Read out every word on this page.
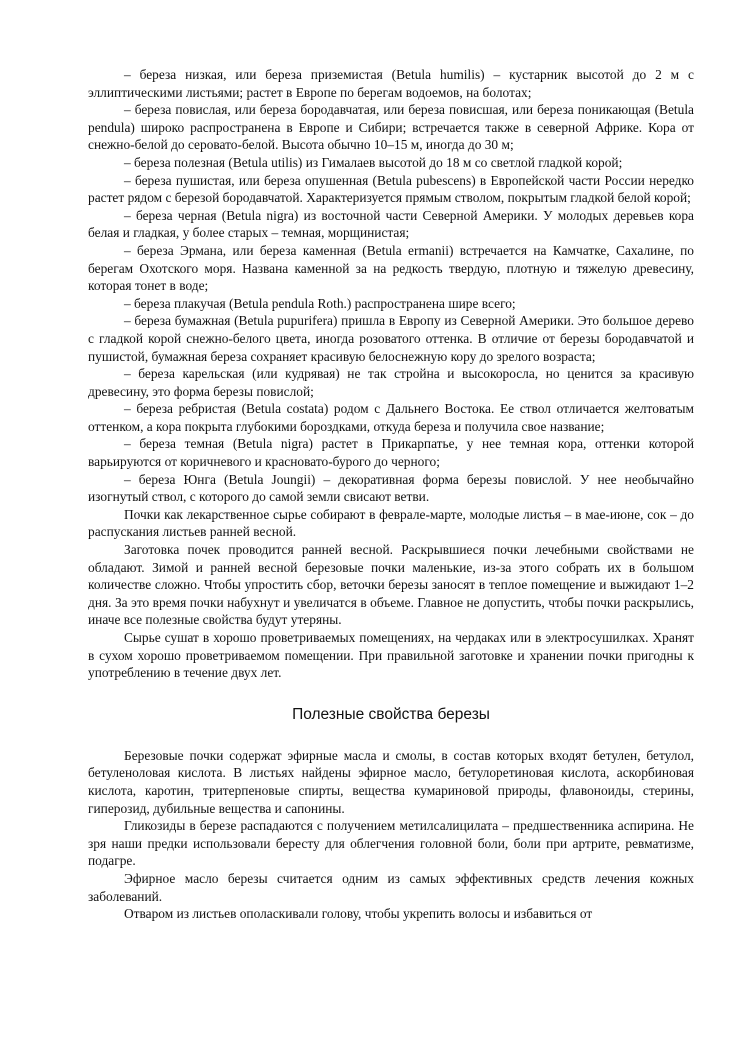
– береза низкая, или береза приземистая (Betula humilis) – кустарник высотой до 2 м с эллиптическими листьями; растет в Европе по берегам водоемов, на болотах;

– береза повислая, или береза бородавчатая, или береза повисшая, или береза поникающая (Betula pendula) широко распространена в Европе и Сибири; встречается также в северной Африке. Кора от снежно-белой до серовато-белой. Высота обычно 10–15 м, иногда до 30 м;

– береза полезная (Betula utilis) из Гималаев высотой до 18 м со светлой гладкой корой;

– береза пушистая, или береза опушенная (Betula pubescens) в Европейской части России нередко растет рядом с березой бородавчатой. Характеризуется прямым стволом, покрытым гладкой белой корой;

– береза черная (Betula nigra) из восточной части Северной Америки. У молодых деревьев кора белая и гладкая, у более старых – темная, морщинистая;

– береза Эрмана, или береза каменная (Betula ermanii) встречается на Камчатке, Сахалине, по берегам Охотского моря. Названа каменной за на редкость твердую, плотную и тяжелую древесину, которая тонет в воде;

– береза плакучая (Betula pendula Roth.) распространена шире всего;

– береза бумажная (Betula pupurifera) пришла в Европу из Северной Америки. Это большое дерево с гладкой корой снежно-белого цвета, иногда розоватого оттенка. В отличие от березы бородавчатой и пушистой, бумажная береза сохраняет красивую белоснежную кору до зрелого возраста;

– береза карельская (или кудрявая) не так стройна и высокоросла, но ценится за красивую древесину, это форма березы повислой;

– береза ребристая (Betula costata) родом с Дальнего Востока. Ее ствол отличается желтоватым оттенком, а кора покрыта глубокими бороздками, откуда береза и получила свое название;

– береза темная (Betula nigra) растет в Прикарпатье, у нее темная кора, оттенки которой варьируются от коричневого и красновато-бурого до черного;

– береза Юнга (Betula Joungii) – декоративная форма березы повислой. У нее необычайно изогнутый ствол, с которого до самой земли свисают ветви.

Почки как лекарственное сырье собирают в феврале-марте, молодые листья – в мае-июне, сок – до распускания листьев ранней весной.

Заготовка почек проводится ранней весной. Раскрывшиеся почки лечебными свойствами не обладают. Зимой и ранней весной березовые почки маленькие, из-за этого собрать их в большом количестве сложно. Чтобы упростить сбор, веточки березы заносят в теплое помещение и выжидают 1–2 дня. За это время почки набухнут и увеличатся в объеме. Главное не допустить, чтобы почки раскрылись, иначе все полезные свойства будут утеряны.

Сырье сушат в хорошо проветриваемых помещениях, на чердаках или в электросушилках. Хранят в сухом хорошо проветриваемом помещении. При правильной заготовке и хранении почки пригодны к употреблению в течение двух лет.

Полезные свойства березы

Березовые почки содержат эфирные масла и смолы, в состав которых входят бетулен, бетулол, бетуленоловая кислота. В листьях найдены эфирное масло, бетулоретиновая кислота, аскорбиновая кислота, каротин, тритерпеновые спирты, вещества кумариновой природы, флавоноиды, стерины, гиперозид, дубильные вещества и сапонины.

Гликозиды в березе распадаются с получением метилсалицилата – предшественника аспирина. Не зря наши предки использовали бересту для облегчения головной боли, боли при артрите, ревматизме, подагре.

Эфирное масло березы считается одним из самых эффективных средств лечения кожных заболеваний.

Отваром из листьев ополаскивали голову, чтобы укрепить волосы и избавиться от
